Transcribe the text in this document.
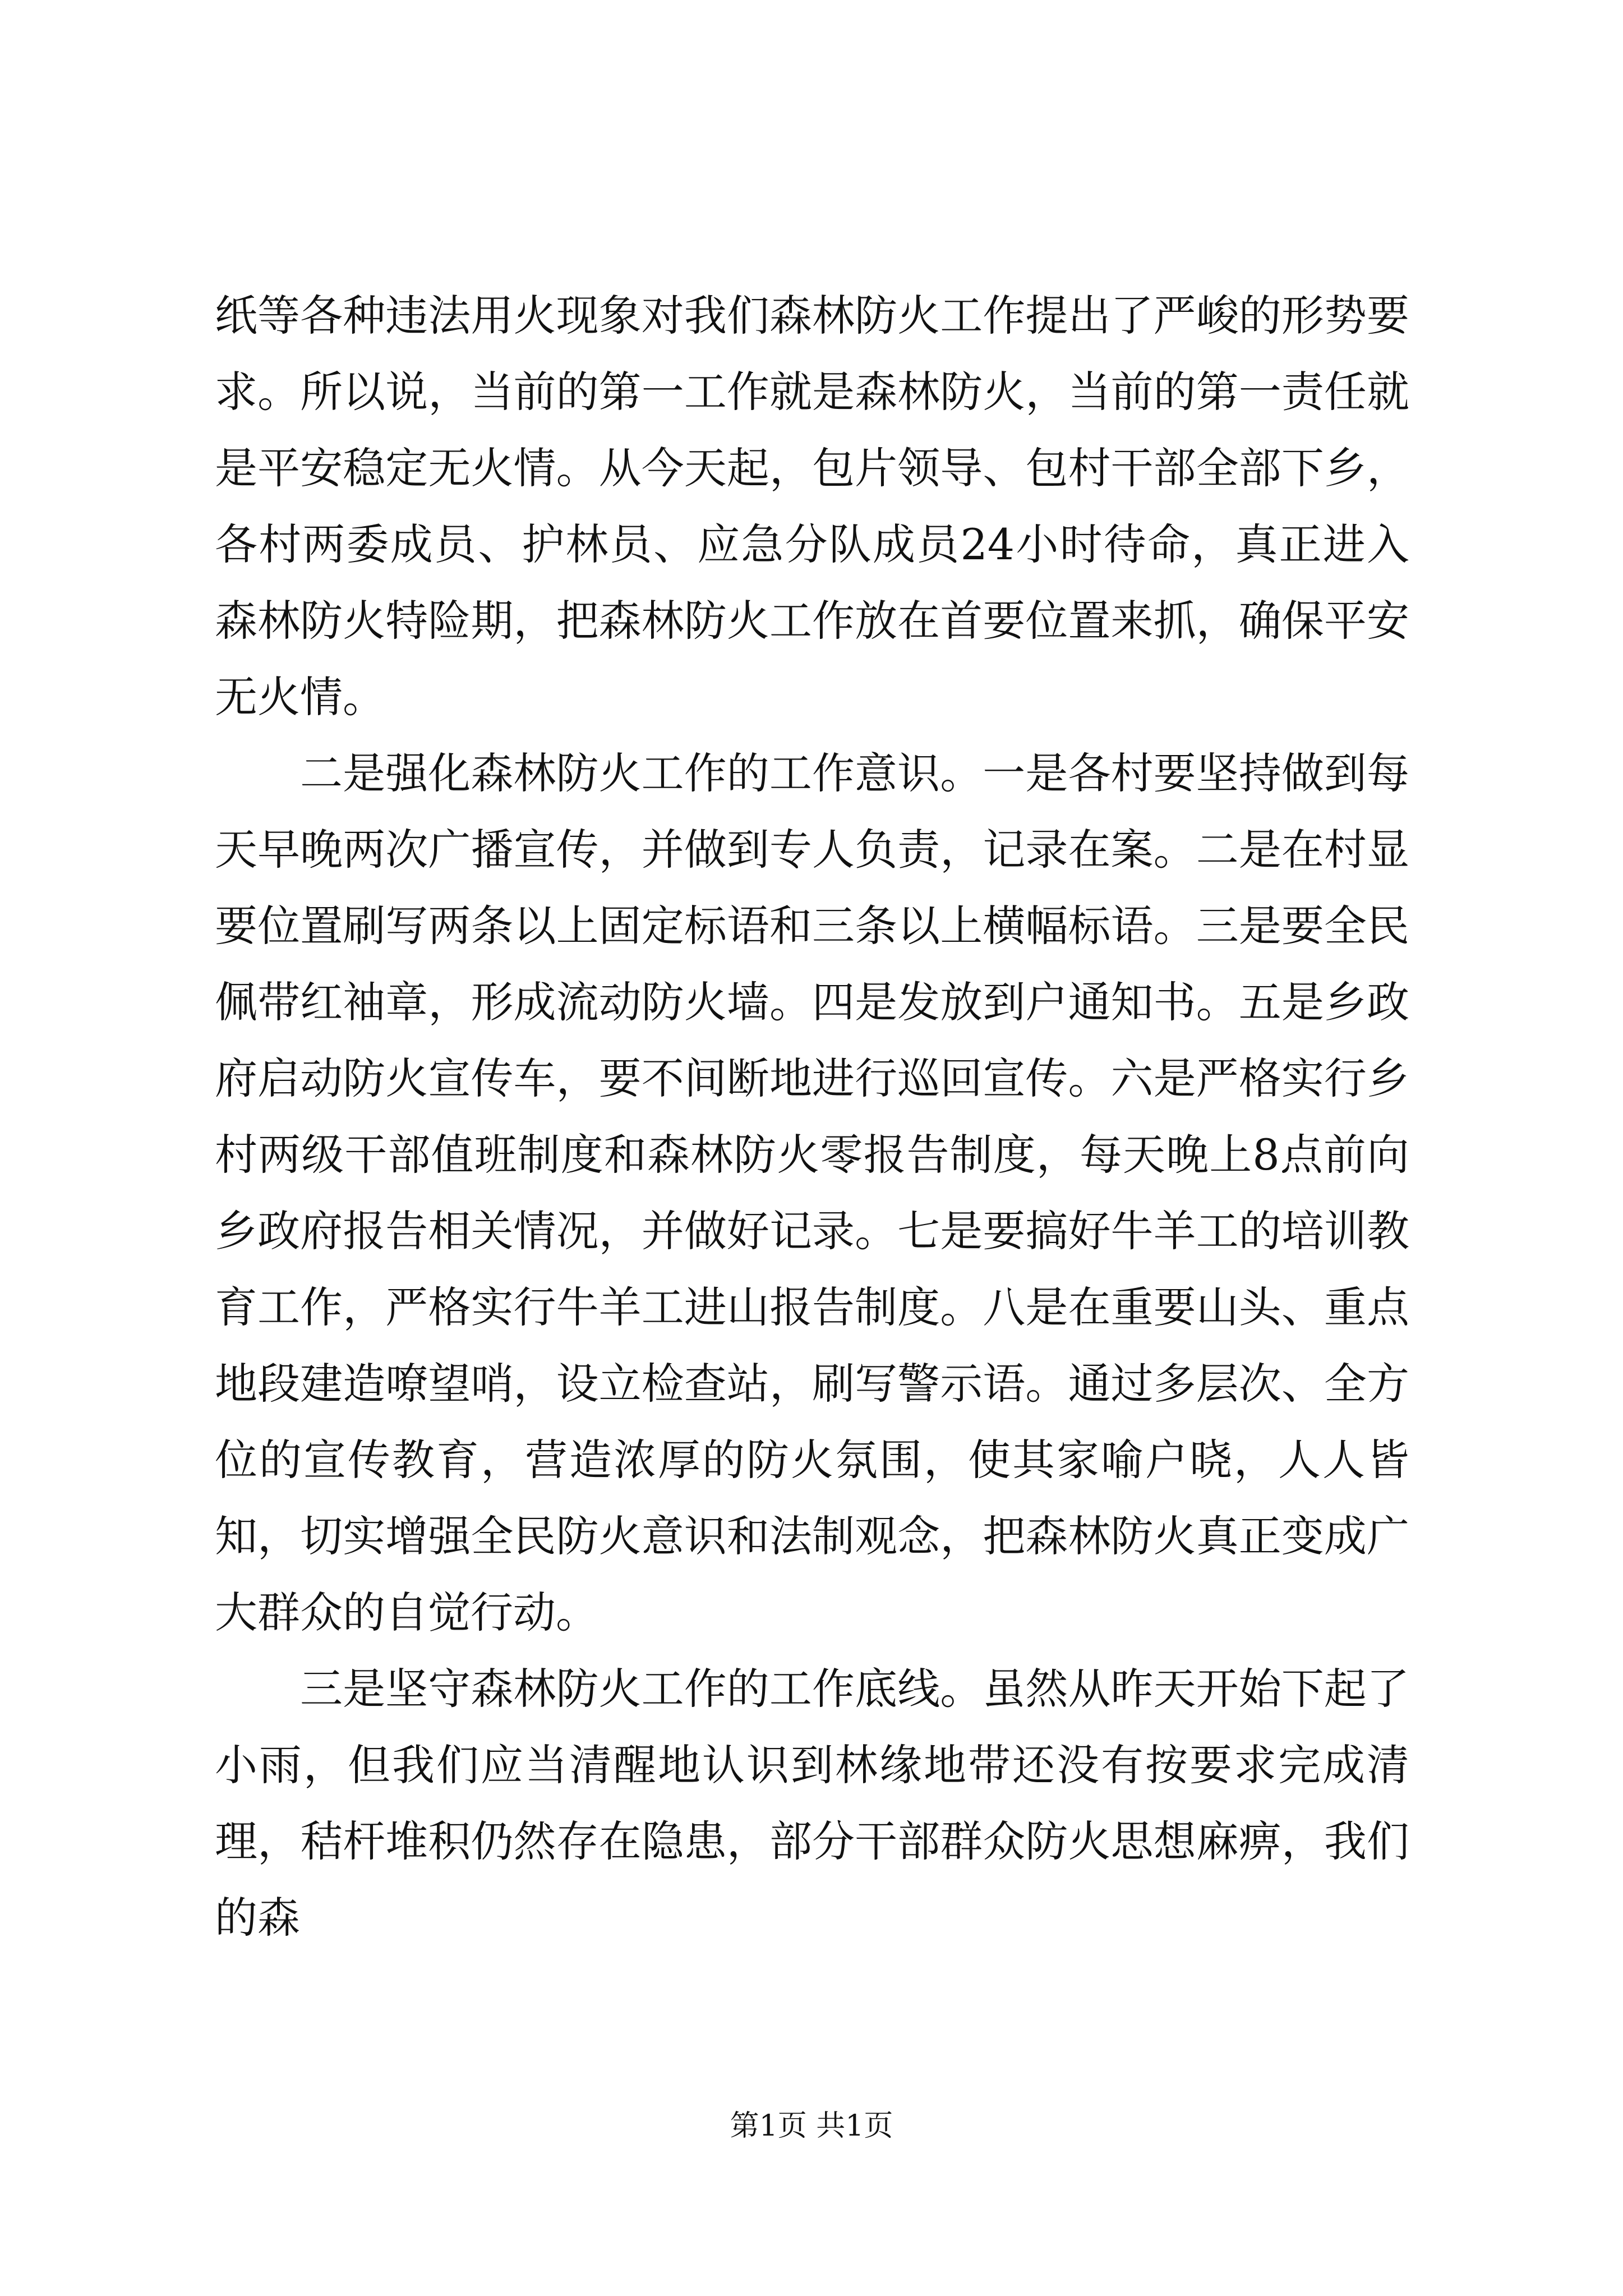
纸等各种违法用火现象对我们森林防火工作提出了严峻的形势要求。所以说，当前的第一工作就是森林防火，当前的第一责任就是平安稳定无火情。从今天起，包片领导、包村干部全部下乡，各村两委成员、护林员、应急分队成员24小时待命，真正进入森林防火特险期，把森林防火工作放在首要位置来抓，确保平安无火情。

二是强化森林防火工作的工作意识。一是各村要坚持做到每天早晚两次广播宣传，并做到专人负责，记录在案。二是在村显要位置刷写两条以上固定标语和三条以上横幅标语。三是要全民佩带红袖章，形成流动防火墙。四是发放到户通知书。五是乡政府启动防火宣传车，要不间断地进行巡回宣传。六是严格实行乡村两级干部值班制度和森林防火零报告制度，每天晚上8点前向乡政府报告相关情况，并做好记录。七是要搞好牛羊工的培训教育工作，严格实行牛羊工进山报告制度。八是在重要山头、重点地段建造嘹望哨，设立检查站，刷写警示语。通过多层次、全方位的宣传教育，营造浓厚的防火氛围，使其家喻户晓，人人皆知，切实增强全民防火意识和法制观念，把森林防火真正变成广大群众的自觉行动。

三是坚守森林防火工作的工作底线。虽然从昨天开始下起了小雨，但我们应当清醒地认识到林缘地带还没有按要求完成清理，秸杆堆积仍然存在隐患，部分干部群众防火思想麻痹，我们的森

第1页 共1页
